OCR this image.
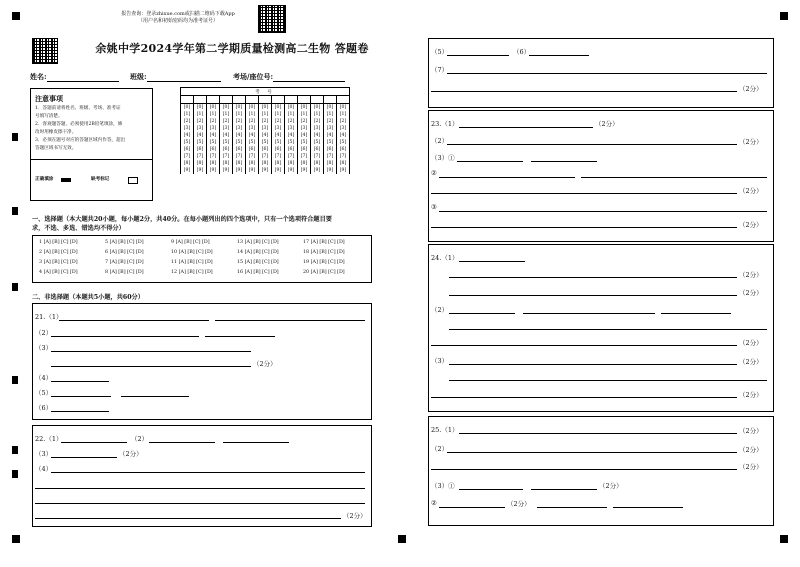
报告查询：登录zhixue.com或扫描二维码下载App
（用户名和初始密码均为准考证号）
余姚中学2024学年第二学期质量检测高二生物 答题卷
姓名:	班级:	考场/座位号:
注意事项
1．答题前请将姓名、班级、考场、准考证
号填写清楚。
2．客观题答题，必须使用2B铅笔填涂，修
改时用橡皮擦干净。
3．必须在题号对应的答题区域内作答，超出
答题区域书写无效。
正确填涂	缺考标记
考 号												

[0]	[0]	[0]	[0]	[0]	[0]	[0]	[0]	[0]	[0]	[0]	[0]	[0]
[1]	[1]	[1]	[1]	[1]	[1]	[1]	[1]	[1]	[1]	[1]	[1]	[1]
[2]	[2]	[2]	[2]	[2]	[2]	[2]	[2]	[2]	[2]	[2]	[2]	[2]
[3]	[3]	[3]	[3]	[3]	[3]	[3]	[3]	[3]	[3]	[3]	[3]	[3]
[4]	[4]	[4]	[4]	[4]	[4]	[4]	[4]	[4]	[4]	[4]	[4]	[4]
[5]	[5]	[5]	[5]	[5]	[5]	[5]	[5]	[5]	[5]	[5]	[5]	[5]
[6]	[6]	[6]	[6]	[6]	[6]	[6]	[6]	[6]	[6]	[6]	[6]	[6]
[7]	[7]	[7]	[7]	[7]	[7]	[7]	[7]	[7]	[7]	[7]	[7]	[7]
[8]	[8]	[8]	[8]	[8]	[8]	[8]	[8]	[8]	[8]	[8]	[8]	[8]
[9]	[9]	[9]	[9]	[9]	[9]	[9]	[9]	[9]	[9]	[9]	[9]	[9]
一、选择题（本大题共20小题，每小题2分，共40分。在每小题列出的四个选项中，只有一个选项符合题目要
求，不选、多选、错选均不得分）
1 [A] [B] [C] [D]	5 [A] [B] [C] [D]	9 [A] [B] [C] [D]	13 [A] [B] [C] [D]	17 [A] [B] [C] [D]
2 [A] [B] [C] [D]	6 [A] [B] [C] [D]	10 [A] [B] [C] [D]	14 [A] [B] [C] [D]	18 [A] [B] [C] [D]
3 [A] [B] [C] [D]	7 [A] [B] [C] [D]	11 [A] [B] [C] [D]	15 [A] [B] [C] [D]	19 [A] [B] [C] [D]
4 [A] [B] [C] [D]	8 [A] [B] [C] [D]	12 [A] [B] [C] [D]	16 [A] [B] [C] [D]	20 [A] [B] [C] [D]
二、非选择题（本题共5小题，共60分）
21.（1）
（2）
（3）
（2分）
（4）
（5）
（6）
22.（1）	（2）
（3）	（2分）
（4）
（2分）
（5）	（6）
（7）
（2分）
23.（1）	（2分）
（2）	（2分）
（3）①
②
（2分）
③
（2分）
24.（1）
（2分）
（2分）
（2）
（2分）
（3）	（2分）
（2分）
25.（1）	（2分）
（2）	（2分）
（2分）
（3）①	（2分）
②	（2分）
